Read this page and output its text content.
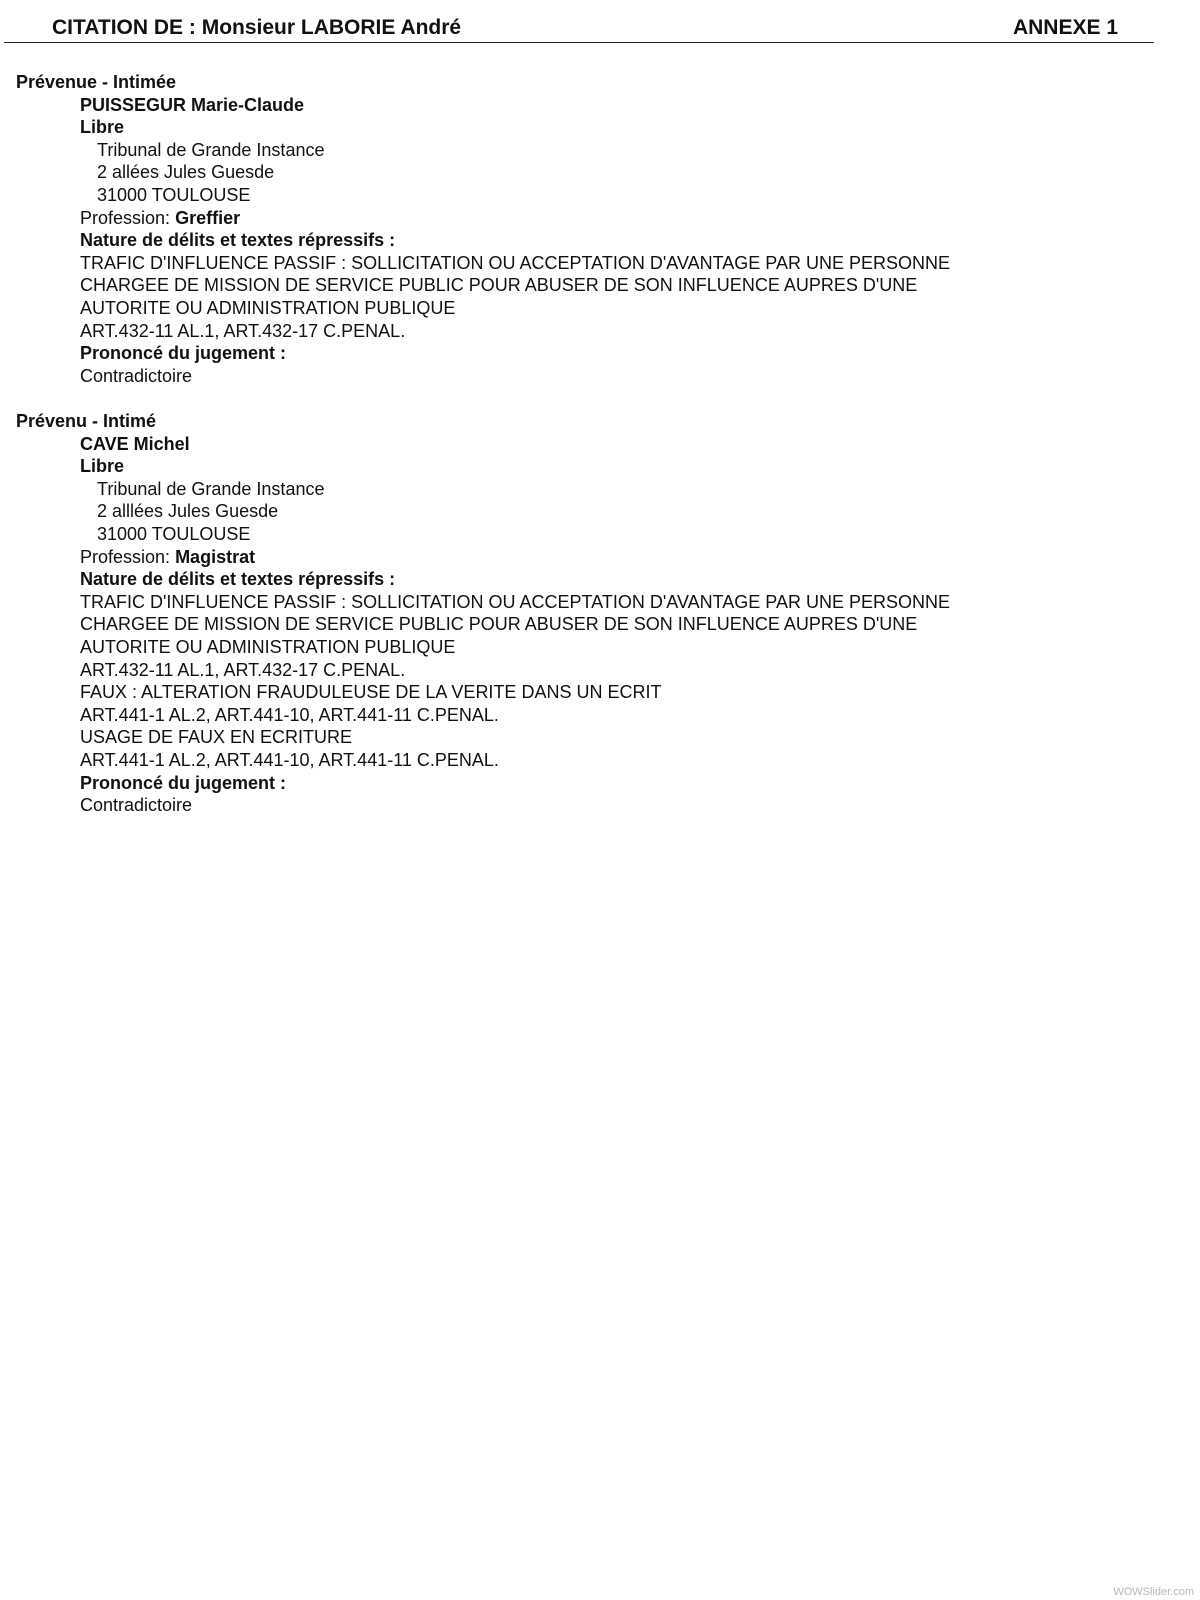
CITATION DE : Monsieur LABORIE André	ANNEXE 1
Prévenue - Intimée
PUISSEGUR Marie-Claude
Libre
Tribunal de Grande Instance
2 allées Jules Guesde
31000 TOULOUSE
Profession: Greffier
Nature de délits et textes répressifs :
TRAFIC D'INFLUENCE PASSIF : SOLLICITATION OU ACCEPTATION D'AVANTAGE PAR UNE PERSONNE
CHARGEE DE MISSION DE SERVICE PUBLIC POUR ABUSER DE SON INFLUENCE AUPRES D'UNE
AUTORITE OU ADMINISTRATION PUBLIQUE
ART.432-11 AL.1, ART.432-17 C.PENAL.
Prononcé du jugement :
Contradictoire
Prévenu - Intimé
CAVE Michel
Libre
Tribunal de Grande Instance
2 alllées Jules Guesde
31000 TOULOUSE
Profession: Magistrat
Nature de délits et textes répressifs :
TRAFIC D'INFLUENCE PASSIF : SOLLICITATION OU ACCEPTATION D'AVANTAGE PAR UNE PERSONNE
CHARGEE DE MISSION DE SERVICE PUBLIC POUR ABUSER DE SON INFLUENCE AUPRES D'UNE
AUTORITE OU ADMINISTRATION PUBLIQUE
ART.432-11 AL.1, ART.432-17 C.PENAL.
FAUX : ALTERATION FRAUDULEUSE DE LA VERITE DANS UN ECRIT
ART.441-1 AL.2, ART.441-10, ART.441-11 C.PENAL.
USAGE DE FAUX EN ECRITURE
ART.441-1 AL.2, ART.441-10, ART.441-11 C.PENAL.
Prononcé du jugement :
Contradictoire
WOWSlider.com
